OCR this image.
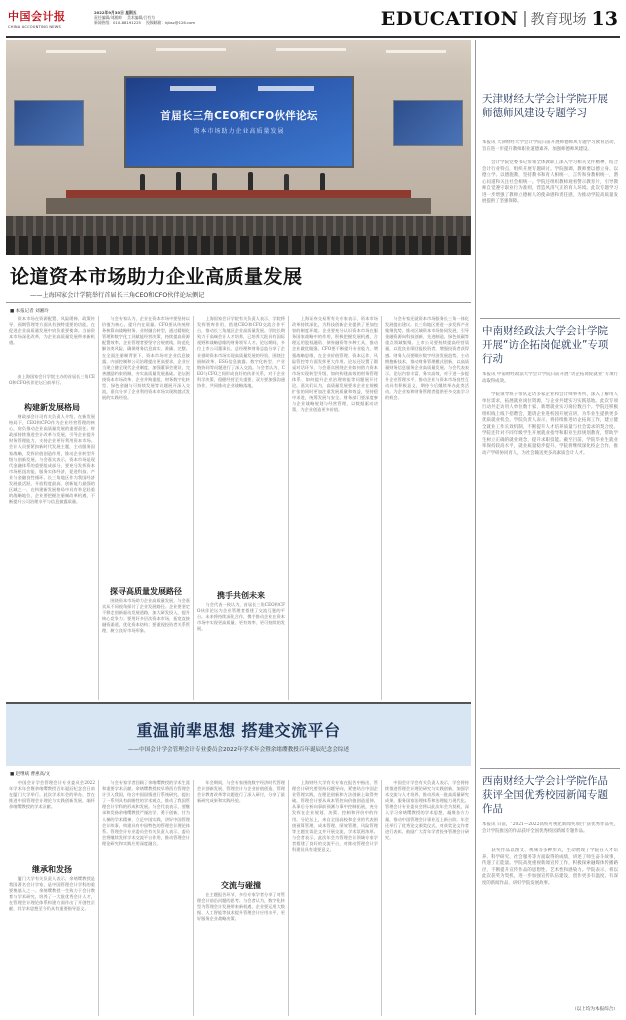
中国会计报
CHINA ACCOUNTING NEWS
2022年9月30日 星期五
责任编辑/刘湘帅 美术编辑/吕有为
新闻热线：010-88191225 投稿邮箱：kjbsz@126.com	EDUCATION 教育现场 13
首届长三角CEO和CFO伙伴论坛
资本市场助力企业高质量发展
论道资本市场助力企业高质量发展
——上海国家会计学院举行首届长三角CEO和CFO伙伴论坛侧记
■ 本报记者 刘湘玲
　　资本市场在资源配置、风险缓释、政策传导、预期管理等方面具有独特重要的功能，在促进企业高质量发展中肩负重要使命。当前资本市场深化改革，为企业高质量发展带来新机遇。
　　由上海国家会计学院主办的首届长三角CEO和CFO伙伴论坛日前举行。
构建新发展格局
　　财政部会计司有关负责人介绍，在新发展格局下，CEO和CFO作为企业经营管理的核心，肩负推动企业高质量发展的重要责任。财政部持续推进会计改革与发展，引导企业提升财务管理能力，支持企业更好利用资本市场。会计人员要紧扣新时代发展主题，主动服务国家战略，发挥价值创造作用，推动企业转型升级与创新发展。与会嘉宾表示，资本市场是现代金融体系的重要组成部分，要充分发挥资本市场枢纽功能，服务实体经济，促进科技、产业与金融良性循环。长三角地区作为我国经济发展最活跃、开放程度最高、创新能力最强的区域之一，在构建新发展格局中具有举足轻重的战略地位，企业要把握注册制改革机遇，不断提升公司治理水平与信息披露质量。
　　与会专家认为，企业在资本市场中要坚持以价值为核心，提升内在质量。CFO要从传统财务核算向战略财务、业财融合转型，通过精细化管理和数字化工具赋能经营决策，持续提高资源配置效率。企业管理者要坚守合规底线，防范化解各类风险，确保财务信息真实、准确、完整。在全面注册制背景下，资本市场对企业信息披露、内部控制和公司治理提出更高要求，企业应当建立健全现代企业制度，加强董事会建设，完善激励约束机制，夯实高质量发展基础。论坛围绕资本市场改革、企业并购重组、财务数字化转型、绿色金融与可持续发展等议题展开深入交流，嘉宾分享了企业利用资本市场实现跨越式发展的实践经验。
探寻高质量发展路径
　　围绕资本市场助力企业高质量发展，与会嘉宾从不同视角探讨了企业发展路径。企业要坚定不移走创新驱动发展道路，加大研发投入，提升核心竞争力；要用好多层次资本市场，拓宽直接融资渠道，优化资本结构；要重视投资者关系管理，树立良好市场形象。
　　上海国家会计学院有关负责人表示，学院将发挥智库作用，搭建CEO和CFO交流合作平台，推动长三角地区企业高质量发展。学院长期致力于高端会计人才培养，已培养大批具有国际视野和战略思维的财务领军人才。论坛期间，多位上市公司董事长、总经理和财务总监分享了企业借助资本市场实现高质量发展的经验，围绕注册制改革、ESG信息披露、数字化转型、产业链协同等问题进行了深入交流。与会者认为，CEO与CFO之间形成良好的伙伴关系，对于企业科学决策、稳健经营至关重要，双方要加强沟通协作，共同推动企业战略落地。
携手共创未来
　　与会代表一致认为，首届长三角CEO和CFO伙伴论坛为企业管理者搭建了交流互鉴的平台。未来将持续深化合作，携手推动企业在资本市场中实现更高质量、更有效率、更可持续的发展。
　　上海证券交易所有关专家表示，资本市场改革持续深化，为科技创新企业提供了更加包容的制度环境。企业要充分认识资本市场在服务国家战略中的作用，积极把握发展机遇，合理运用股权融资、债券融资等多种工具，推动企业做优做强。CFO要不断提升专业能力，增强战略思维，在企业价值管理、资本运作、风险管控等方面发挥更大作用。论坛还设置了圆桌对话环节，与会嘉宾围绕企业如何借力资本市场实现转型升级、如何构建高效的财务管理体系、如何提升企业治理效能等问题展开讨论。嘉宾们认为，高质量发展要求企业在规模扩张的同时更加注重发展质量和效益，坚持稳中求进，统筹发展与安全。财务部门要深度参与企业战略规划与经营管理，以数据驱动决策，为企业创造更多价值。
　　与会专家还就资本市场服务长三角一体化发展提出建议。长三角地区要进一步发挥产业集聚优势，推动区域资本市场协同发展，引导金融资源向科技创新、先进制造、绿色低碳等重点领域集聚。上市公司要持续提高经营质量，以优良业绩回报投资者，增强投资者获得感。财务人员要顺应数字经济发展趋势，主动拥抱新技术，推动财务管理模式创新，以高质量财务信息服务企业高质量发展。与会代表表示，论坛内容丰富、务实高效，对于进一步提升企业管理水平、推动企业与资本市场良性互动具有积极意义，期待今后继续举办此类活动，为企业家和财务管理者提供更多交流学习的机会。
重温前辈思想 搭建交流平台
——中国会计学会管理会计专业委员会2022年学术年会暨余绪缨教授百年诞辰纪念会综述
■ 赵继斌 曹惠高/文
　　中国会计学会管理会计专业委员会2022年学术年会暨余绪缨教授百年诞辰纪念会日前在厦门大学举行。此次学术年会的举办，旨在推进中国管理会计理论与实践创新发展，缅怀余绪缨教授的学术贡献。
继承和发扬
　　厦门大学有关负责人表示，余绪缨教授是我国著名会计学家，是中国管理会计学科的重要奠基人之一。余绪缨教授一生致力于会计教育与学术研究，培养了一大批优秀会计人才，在管理会计理论体系构建方面作出了开创性贡献，其学术思想至今仍具有重要指导意义。
　　与会专家学者回顾了余绪缨教授的学术生涯和重要学术贡献。余绪缨教授较早将西方管理会计引入我国，结合中国国情进行系统研究，提出了一系列具有前瞻性的学术观点，推动了我国管理会计学科的形成和发展。与会代表表示，要继承和发扬余绪缨教授严谨治学、勇于创新、甘为人梯的学术精神，立足中国实践，讲好中国管理会计故事，构建具有中国特色的管理会计理论体系。管理会计专业委员会有关负责人表示，委员会将继续发挥学术交流平台作用，推动管理会计理论研究和实践应用深度融合。
　　年会期间，与会专家围绕数字经济时代管理会计创新发展、管理会计与企业价值创造、管理会计教育改革等议题进行了深入研讨，分享了最新研究成果和实践经验。
交流与碰撞
　　在主题报告环节，多位专家学者分享了对管理会计前沿问题的思考。与会者认为，数字化转型为管理会计发展带来新机遇，企业要运用大数据、人工智能等技术提升管理会计应用水平，更好服务企业战略决策。
　　上海财经大学有关专家在报告中指出，管理会计研究要坚持问题导向，紧密结合中国企业管理实践，在理论创新和方法创新上取得突破。管理会计要从成本管控向价值创造延伸，从事后分析向事前预测与事中控制拓展，充分发挥在企业规划、决策、控制和评价中的作用。分论坛上，来自全国高校和企业的代表围绕预算管理、成本管理、绩效管理、风险管理等主题宣读论文并开展交流，学术氛围浓厚。与会者表示，此次年会为管理会计领域专家学者搭建了良好的交流平台，对推动管理会计学科建设具有重要意义。
　　中国会计学会有关负责人表示，学会将持续推进管理会计理论研究与实践创新，加强学术交流与人才培养，推动形成一批高质量研究成果，服务国家治理体系和治理能力现代化。管理会计专业委员会将以此次年会为契机，深入学习余绪缨教授的学术思想，凝聚各方力量，推动中国管理会计事业迈上新台阶。年会还举行了优秀论文颁奖仪式，对获奖论文作者进行表彰，鼓励广大青年学者投身管理会计研究。
天津财经大学会计学院开展师德师风建设专题学习
本报讯 天津财经大学会计学院日前开展师德师风专题学习教育活动，旨在进一步提升教师职业道德素养，加强师德师风建设。
　　会计学院党委书记带领全体教职工深入学习相关文件精神，结合会计行业特点，组织开展专题研讨。学院强调，教师要以德立身、以德立学、以德施教，坚持教书和育人相统一，言传和身教相统一，潜心问道和关注社会相统一。学院还组织教师观看警示教育片，引导教师自觉遵守职业行为准则，营造风清气正的育人环境。此次专题学习进一步增强了教师立德树人的使命感和责任感，为推动学院高质量发展提供了坚强保障。
中南财经政法大学会计学院开展“访企拓岗促就业”专项行动
本报讯 中南财经政法大学会计学院日前开展“访企拓岗促就业”专项行动取得成效。
　　学院领导班子带队走访多家企业和会计师事务所，深入了解用人单位需求，拓展就业岗位资源，与企业共建实习实践基地。此次专项行动共走访用人单位数十家，新增就业实习岗位数百个。学院还积极组织线上线下招聘会，邀请企业进校园开展宣讲，为毕业生提供更多优质就业机会。学院负责人表示，将持续推进访企拓岗工作，建立健全就业工作长效机制，不断提升人才培养质量与社会需求的契合度。学院还针对不同年级学生开展就业指导和职业生涯规划教育，帮助学生树立正确的就业观念，提升求职技能。截至目前，学院毕业生就业率保持较高水平，就业质量稳步提升。学院将继续深化校企合作，推动产学研协同育人，为社会输送更多高素质会计人才。
西南财经大学会计学院作品获评全国优秀校园新闻专题作品
本报讯 日前，“2021—2022高校可视化新闻奖项目”获优秀作品奖，会计学院推送的作品获评全国优秀校园新闻专题作品。
　　获奖作品以图文、视频等多种形式，生动展现了学院在人才培养、科学研究、社会服务等方面取得的成绩，讲述了师生奋斗故事，传递了正能量。学院高度重视新闻宣传工作，积极探索融媒体传播路径，不断提升宣传作品的思想性、艺术性和感染力。学院表示，将以此次获奖为契机，进一步加强宣传队伍建设，创作更多有温度、有深度的新闻作品，讲好学院发展故事。
（以上均为本报综合）
